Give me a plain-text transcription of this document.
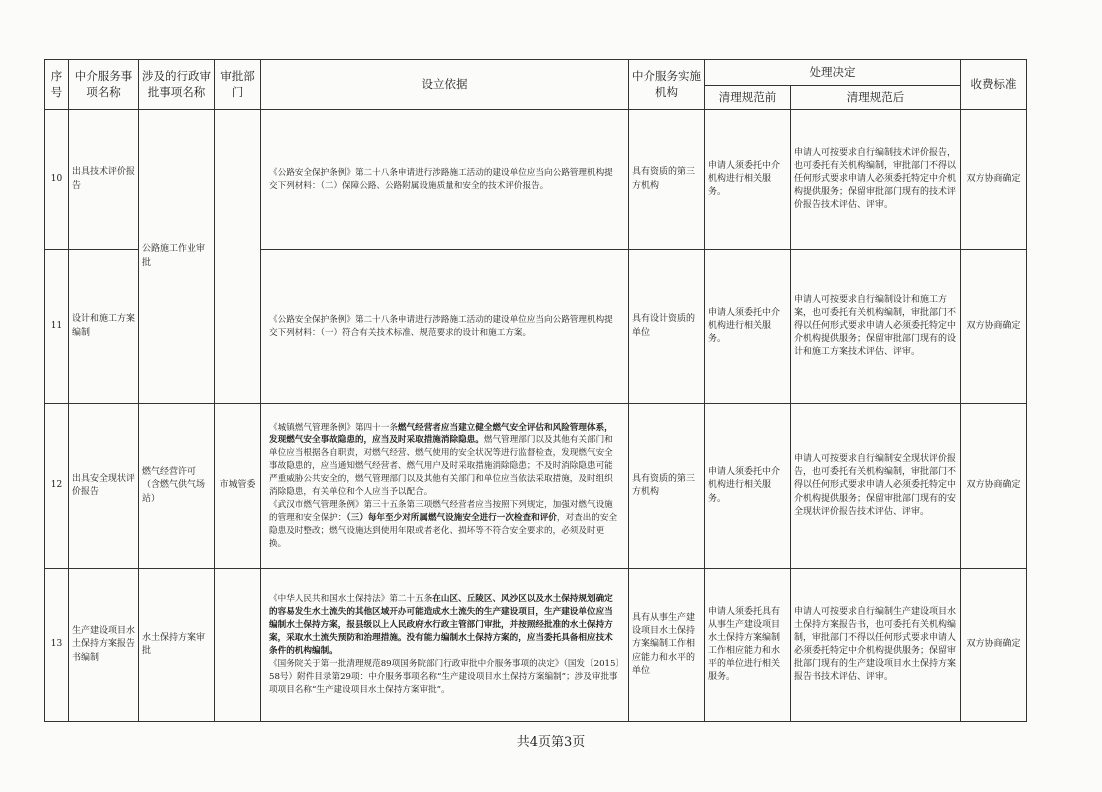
序号	中介服务事项名称	涉及的行政审批事项名称	审批部门	设立依据	中介服务实施机构	处理决定		收费标准
						清理规范前	清理规范后	
10	出具技术评价报告	公路施工作业审批		《公路安全保护条例》第二十八条申请进行涉路施工活动的建设单位应当向公路管理机构提交下列材料：（二）保障公路、公路附属设施质量和安全的技术评价报告。	具有资质的第三方机构	申请人须委托中介机构进行相关服务。	申请人可按要求自行编制技术评价报告，也可委托有关机构编制，审批部门不得以任何形式要求申请人必须委托特定中介机构提供服务；保留审批部门现有的技术评价报告技术评估、评审。	双方协商确定
11	设计和施工方案编制			《公路安全保护条例》第二十八条申请进行涉路施工活动的建设单位应当向公路管理机构提交下列材料：（一）符合有关技术标准、规范要求的设计和施工方案。	具有设计资质的单位	申请人须委托中介机构进行相关服务。	申请人可按要求自行编制设计和施工方案，也可委托有关机构编制，审批部门不得以任何形式要求申请人必须委托特定中介机构提供服务；保留审批部门现有的设计和施工方案技术评估、评审。	双方协商确定
12	出具安全现状评价报告	燃气经营许可（含燃气供气场站）	市城管委	《城镇燃气管理条例》第四十一条燃气经营者应当建立健全燃气安全评估和风险管理体系，发现燃气安全事故隐患的，应当及时采取措施消除隐患。燃气管理部门以及其他有关部门和单位应当根据各自职责，对燃气经营、燃气使用的安全状况等进行监督检查，发现燃气安全事故隐患的，应当通知燃气经营者、燃气用户及时采取措施消除隐患；不及时消除隐患可能严重威胁公共安全的，燃气管理部门以及其他有关部门和单位应当依法采取措施，及时组织消除隐患，有关单位和个人应当予以配合。

《武汉市燃气管理条例》第三十五条第三项燃气经营者应当按照下列规定，加强对燃气设施的管理和安全保护：（三）每年至少对所属燃气设施安全进行一次检查和评价，对查出的安全隐患及时整改；燃气设施达到使用年限或者老化、损坏等不符合安全要求的，必须及时更换。	具有资质的第三方机构	申请人须委托中介机构进行相关服务。	申请人可按要求自行编制安全现状评价报告，也可委托有关机构编制，审批部门不得以任何形式要求申请人必须委托特定中介机构提供服务；保留审批部门现有的安全现状评价报告技术评估、评审。	双方协商确定
13	生产建设项目水土保持方案报告书编制	水土保持方案审批		《中华人民共和国水土保持法》第二十五条在山区、丘陵区、风沙区以及水土保持规划确定的容易发生水土流失的其他区域开办可能造成水土流失的生产建设项目，生产建设单位应当编制水土保持方案，报县级以上人民政府水行政主管部门审批，并按照经批准的水土保持方案，采取水土流失预防和治理措施。没有能力编制水土保持方案的，应当委托具备相应技术条件的机构编制。

《国务院关于第一批清理规范89项国务院部门行政审批中介服务事项的决定》（国发〔2015〕58号）附件目录第29项：中介服务事项名称“生产建设项目水土保持方案编制”；涉及审批事项项目名称“生产建设项目水土保持方案审批”。	具有从事生产建设项目水土保持方案编制工作相应能力和水平的单位	申请人须委托具有从事生产建设项目水土保持方案编制工作相应能力和水平的单位进行相关服务。	申请人可按要求自行编制生产建设项目水土保持方案报告书，也可委托有关机构编制，审批部门不得以任何形式要求申请人必须委托特定中介机构提供服务；保留审批部门现有的生产建设项目水土保持方案报告书技术评估、评审。	双方协商确定
共4页第3页
